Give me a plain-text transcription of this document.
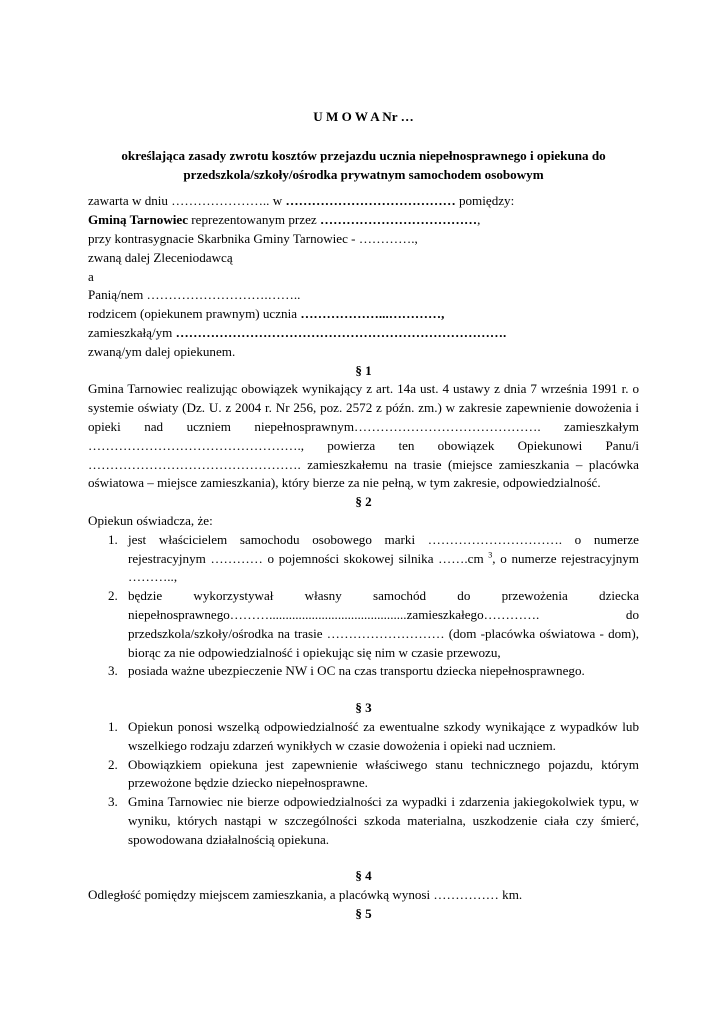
U M O W A Nr …

określająca zasady zwrotu kosztów przejazdu ucznia niepełnosprawnego i opiekuna do przedszkola/szkoły/ośrodka prywatnym samochodem osobowym

zawarta w dniu ………………….. w ………………………………… pomiędzy:

Gminą Tarnowiec reprezentowanym przez ………………………………,

przy kontrasygnacie Skarbnika Gminy Tarnowiec - ………….,

zwaną dalej Zleceniodawcą

a

Panią/nem ……………………….……..

rodzicem (opiekunem prawnym) ucznia ………………...…………,

zamieszkałą/ym ………………………………………………………………….

zwaną/ym dalej opiekunem.

§ 1

Gmina Tarnowiec realizując obowiązek wynikający z art. 14a ust. 4 ustawy z dnia 7 września 1991 r. o systemie oświaty (Dz. U. z 2004 r. Nr 256, poz. 2572 z późn. zm.) w zakresie zapewnienie dowożenia i opieki nad uczniem niepełnosprawnym……………………………………. zamieszkałym …………………………………………., powierza ten obowiązek Opiekunowi Panu/i …………………………………………. zamieszkałemu na trasie (miejsce zamieszkania – placówka oświatowa – miejsce zamieszkania), który bierze za nie pełną, w tym zakresie, odpowiedzialność.

§ 2

Opiekun oświadcza, że:

1. jest właścicielem samochodu osobowego marki …………………………. o numerze rejestracyjnym ………… o pojemności skokowej silnika …….cm $^3$, o numerze rejestracyjnym ………..,
2. będzie wykorzystywał własny samochód do przewożenia dziecka niepełnosprawnego………..........................................zamieszkałego…………. do przedszkola/szkoły/ośrodka na trasie ……………………… (dom -placówka oświatowa - dom), biorąc za nie odpowiedzialność i opiekując się nim w czasie przewozu,
3. posiada ważne ubezpieczenie NW i OC na czas transportu dziecka niepełnosprawnego.

§ 3

1. Opiekun ponosi wszelką odpowiedzialność za ewentualne szkody wynikające z wypadków lub wszelkiego rodzaju zdarzeń wynikłych w czasie dowożenia i opieki nad uczniem.
2. Obowiązkiem opiekuna jest zapewnienie właściwego stanu technicznego pojazdu, którym przewożone będzie dziecko niepełnosprawne.
3. Gmina Tarnowiec nie bierze odpowiedzialności za wypadki i zdarzenia jakiegokolwiek typu, w wyniku, których nastąpi w szczególności szkoda materialna, uszkodzenie ciała czy śmierć, spowodowana działalnością opiekuna.

§ 4

Odległość pomiędzy miejscem zamieszkania, a placówką wynosi …………… km.

§ 5
